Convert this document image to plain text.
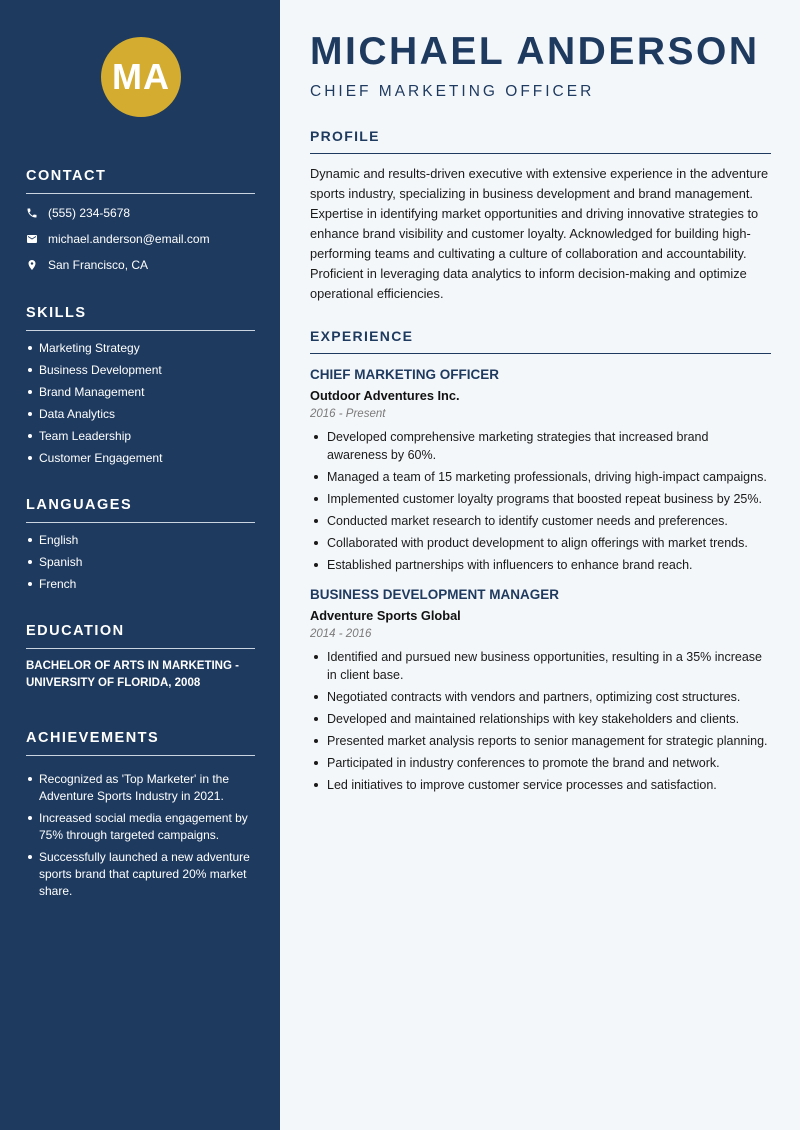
MA
CONTACT
(555) 234-5678
michael.anderson@email.com
San Francisco, CA
SKILLS
Marketing Strategy
Business Development
Brand Management
Data Analytics
Team Leadership
Customer Engagement
LANGUAGES
English
Spanish
French
EDUCATION
BACHELOR OF ARTS IN MARKETING - UNIVERSITY OF FLORIDA, 2008
ACHIEVEMENTS
Recognized as 'Top Marketer' in the Adventure Sports Industry in 2021.
Increased social media engagement by 75% through targeted campaigns.
Successfully launched a new adventure sports brand that captured 20% market share.
MICHAEL ANDERSON
CHIEF MARKETING OFFICER
PROFILE
Dynamic and results-driven executive with extensive experience in the adventure sports industry, specializing in business development and brand management. Expertise in identifying market opportunities and driving innovative strategies to enhance brand visibility and customer loyalty. Acknowledged for building high-performing teams and cultivating a culture of collaboration and accountability. Proficient in leveraging data analytics to inform decision-making and optimize operational efficiencies.
EXPERIENCE
CHIEF MARKETING OFFICER
Outdoor Adventures Inc.
2016 - Present
Developed comprehensive marketing strategies that increased brand awareness by 60%.
Managed a team of 15 marketing professionals, driving high-impact campaigns.
Implemented customer loyalty programs that boosted repeat business by 25%.
Conducted market research to identify customer needs and preferences.
Collaborated with product development to align offerings with market trends.
Established partnerships with influencers to enhance brand reach.
BUSINESS DEVELOPMENT MANAGER
Adventure Sports Global
2014 - 2016
Identified and pursued new business opportunities, resulting in a 35% increase in client base.
Negotiated contracts with vendors and partners, optimizing cost structures.
Developed and maintained relationships with key stakeholders and clients.
Presented market analysis reports to senior management for strategic planning.
Participated in industry conferences to promote the brand and network.
Led initiatives to improve customer service processes and satisfaction.
